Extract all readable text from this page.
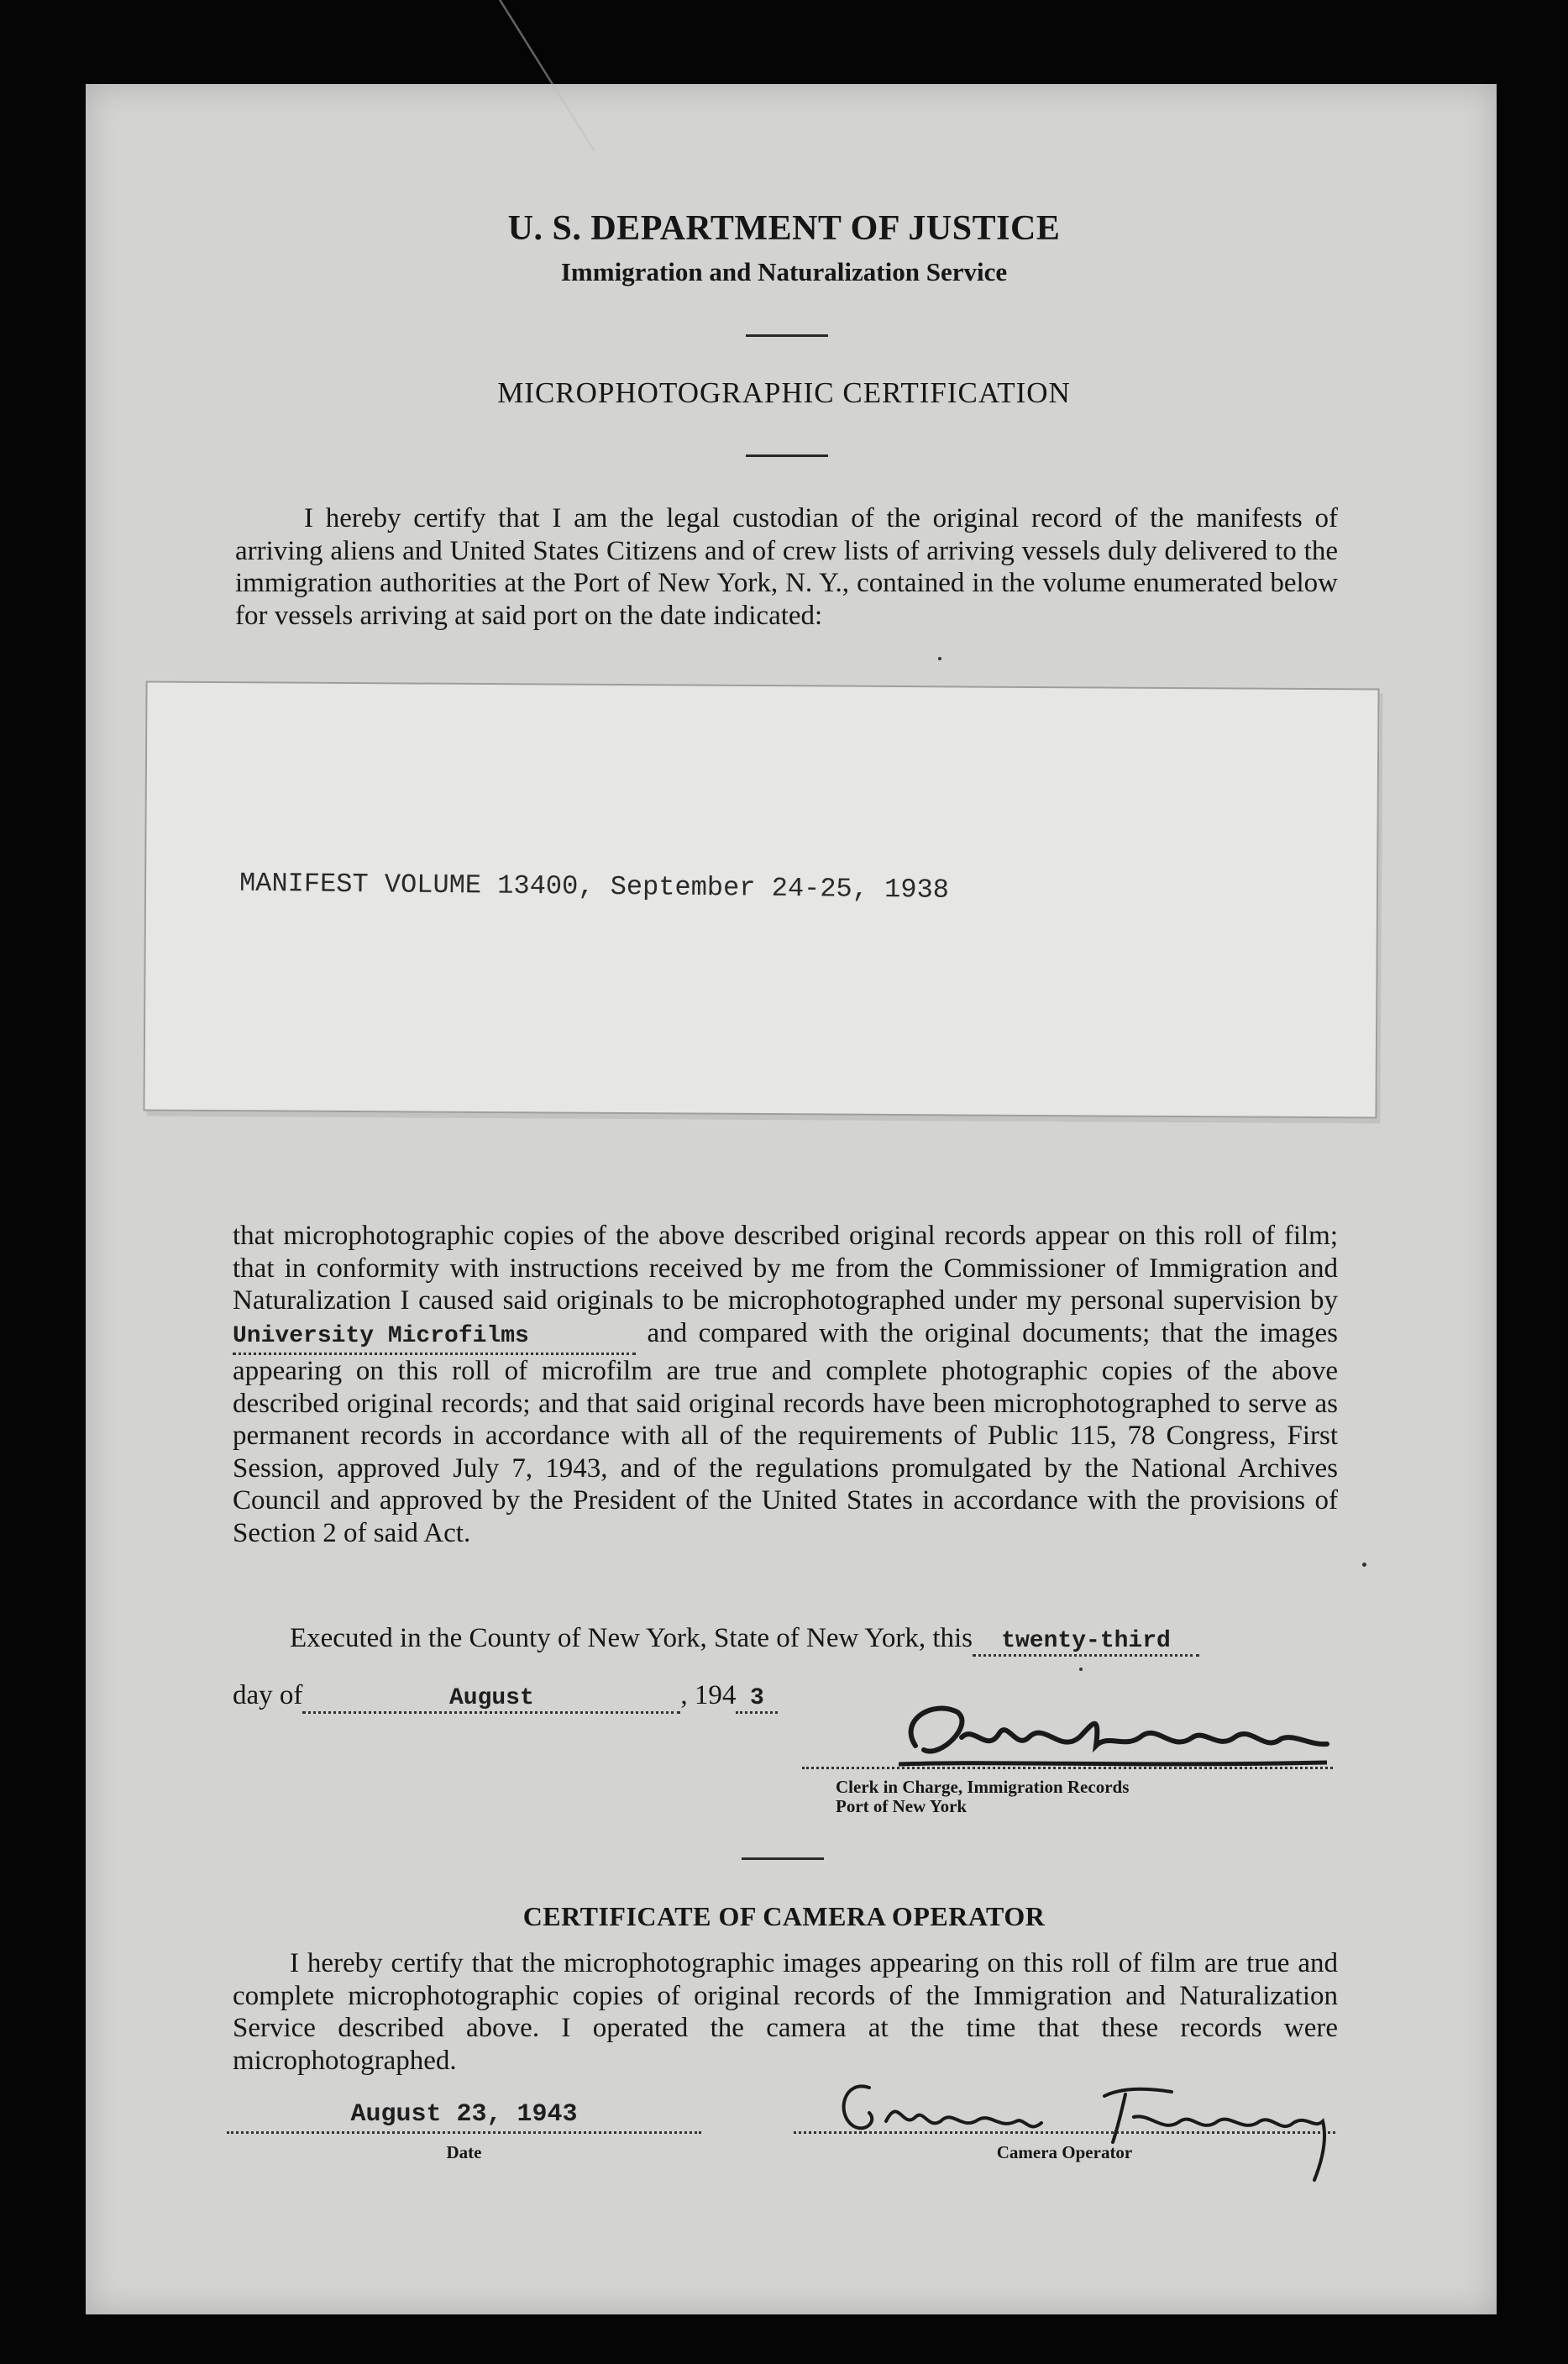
U. S. DEPARTMENT OF JUSTICE
Immigration and Naturalization Service
MICROPHOTOGRAPHIC CERTIFICATION
I hereby certify that I am the legal custodian of the original record of the manifests of arriving aliens and United States Citizens and of crew lists of arriving vessels duly delivered to the immigration authorities at the Port of New York, N. Y., contained in the volume enumerated below for vessels arriving at said port on the date indicated:
MANIFEST VOLUME 13400, September 24-25, 1938
that microphotographic copies of the above described original records appear on this roll of film; that in conformity with instructions received by me from the Commissioner of Immigration and Naturalization I caused said originals to be microphotographed under my personal supervision by University Microfilms	and compared with the original documents; that the images appearing on this roll of microfilm are true and complete photographic copies of the above described original records; and that said original records have been microphotographed to serve as permanent records in accordance with all of the requirements of Public 115, 78 Congress, First Session, approved July 7, 1943, and of the regulations promulgated by the National Archives Council and approved by the President of the United States in accordance with the provisions of Section 2 of said Act.
Executed in the County of New York, State of New York, this twenty-third
day of	August	, 194 3
Clerk in Charge, Immigration Records
Port of New York
CERTIFICATE OF CAMERA OPERATOR
I hereby certify that the microphotographic images appearing on this roll of film are true and complete microphotographic copies of original records of the Immigration and Naturalization Service described above. I operated the camera at the time that these records were microphotographed.
August 23, 1943
Date	Camera Operator
